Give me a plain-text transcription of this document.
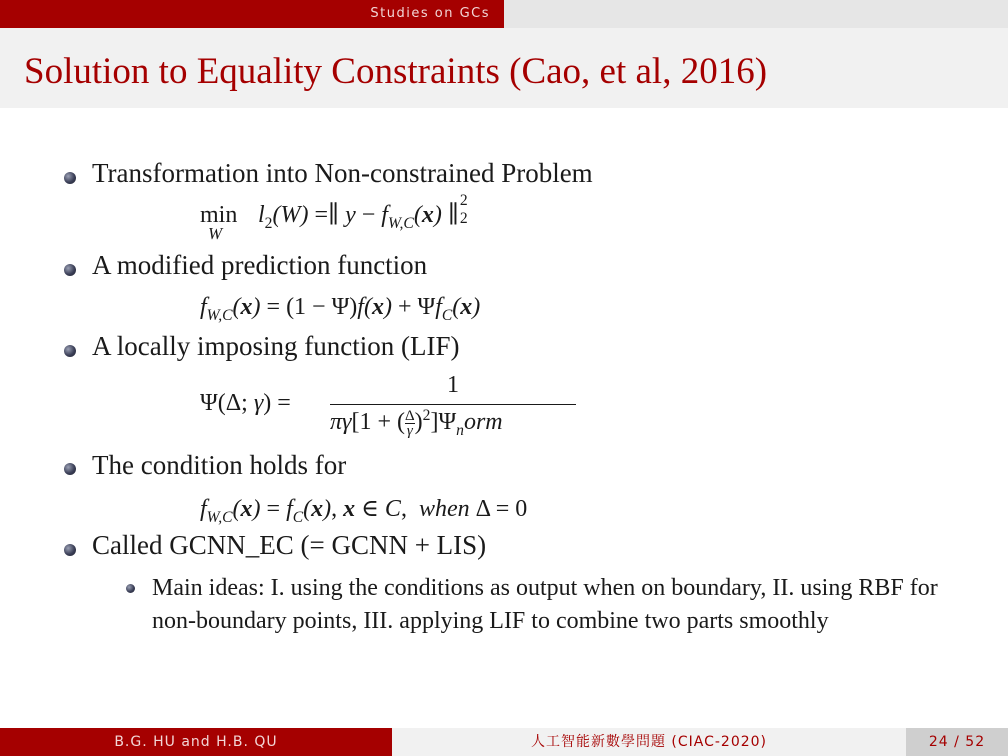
Studies on GCs
Solution to Equality Constraints (Cao, et al, 2016)
Transformation into Non-constrained Problem
min
W
$l_2(W)$ =∥ $y - f_{W,C}(x)$ ∥
2
2
A modified prediction function
$f_{W,C}(x) = (1 - \Psi)f(x) + \Psi f_C(x)$
A locally imposing function (LIF)
Ψ(Δ; γ) =
1
πγ[1 + ( $\frac{\Delta}{\gamma} )^2]\Psi_norm$
The condition holds for
$f_{W,C}(x) = f_C(x)$, x ∈ C,  when Δ = 0
Called GCNN_EC (= GCNN + LIS)
Main ideas: I. using the conditions as output when on boundary, II. using RBF for non-boundary points, III. applying LIF to combine two parts smoothly
B.G. HU and H.B. QU	人工智能新數學問題 (CIAC-2020)	24 / 52
